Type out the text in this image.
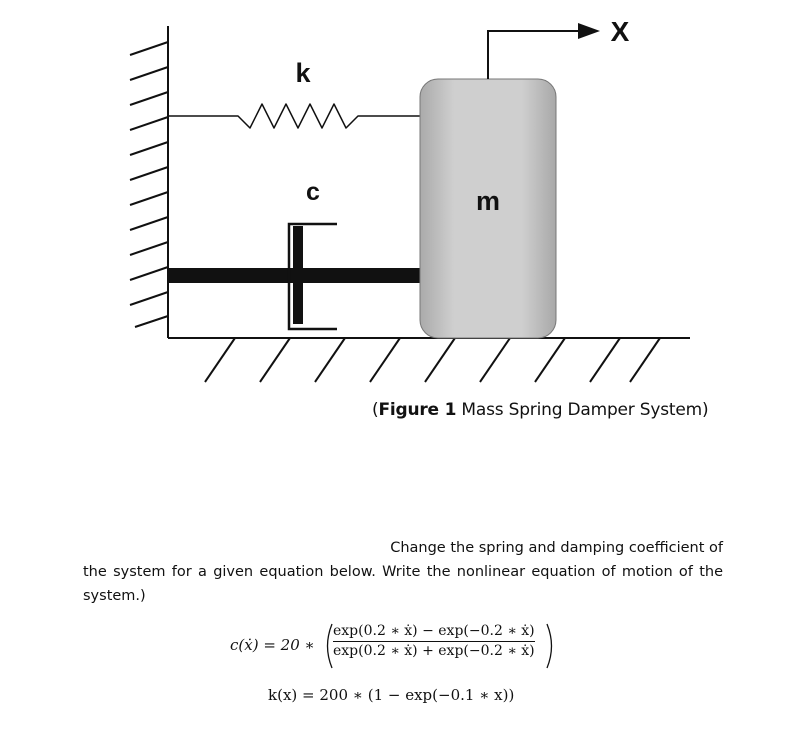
k
c	m
X
(Figure 1 Mass Spring Damper System)
Change the spring and damping coefficient of
the system for a given equation below. Write the nonlinear equation of motion of the
system.)
c(ẋ) = 20 ∗ $\frac{\text{exp(0.2 ∗ ẋ) − exp(−0.2 ∗ ẋ)}}{\text{exp(0.2 ∗ ẋ) + exp(−0.2 ∗ ẋ)}}$
k(x) = 200 ∗ (1 − exp(−0.1 ∗ x))
